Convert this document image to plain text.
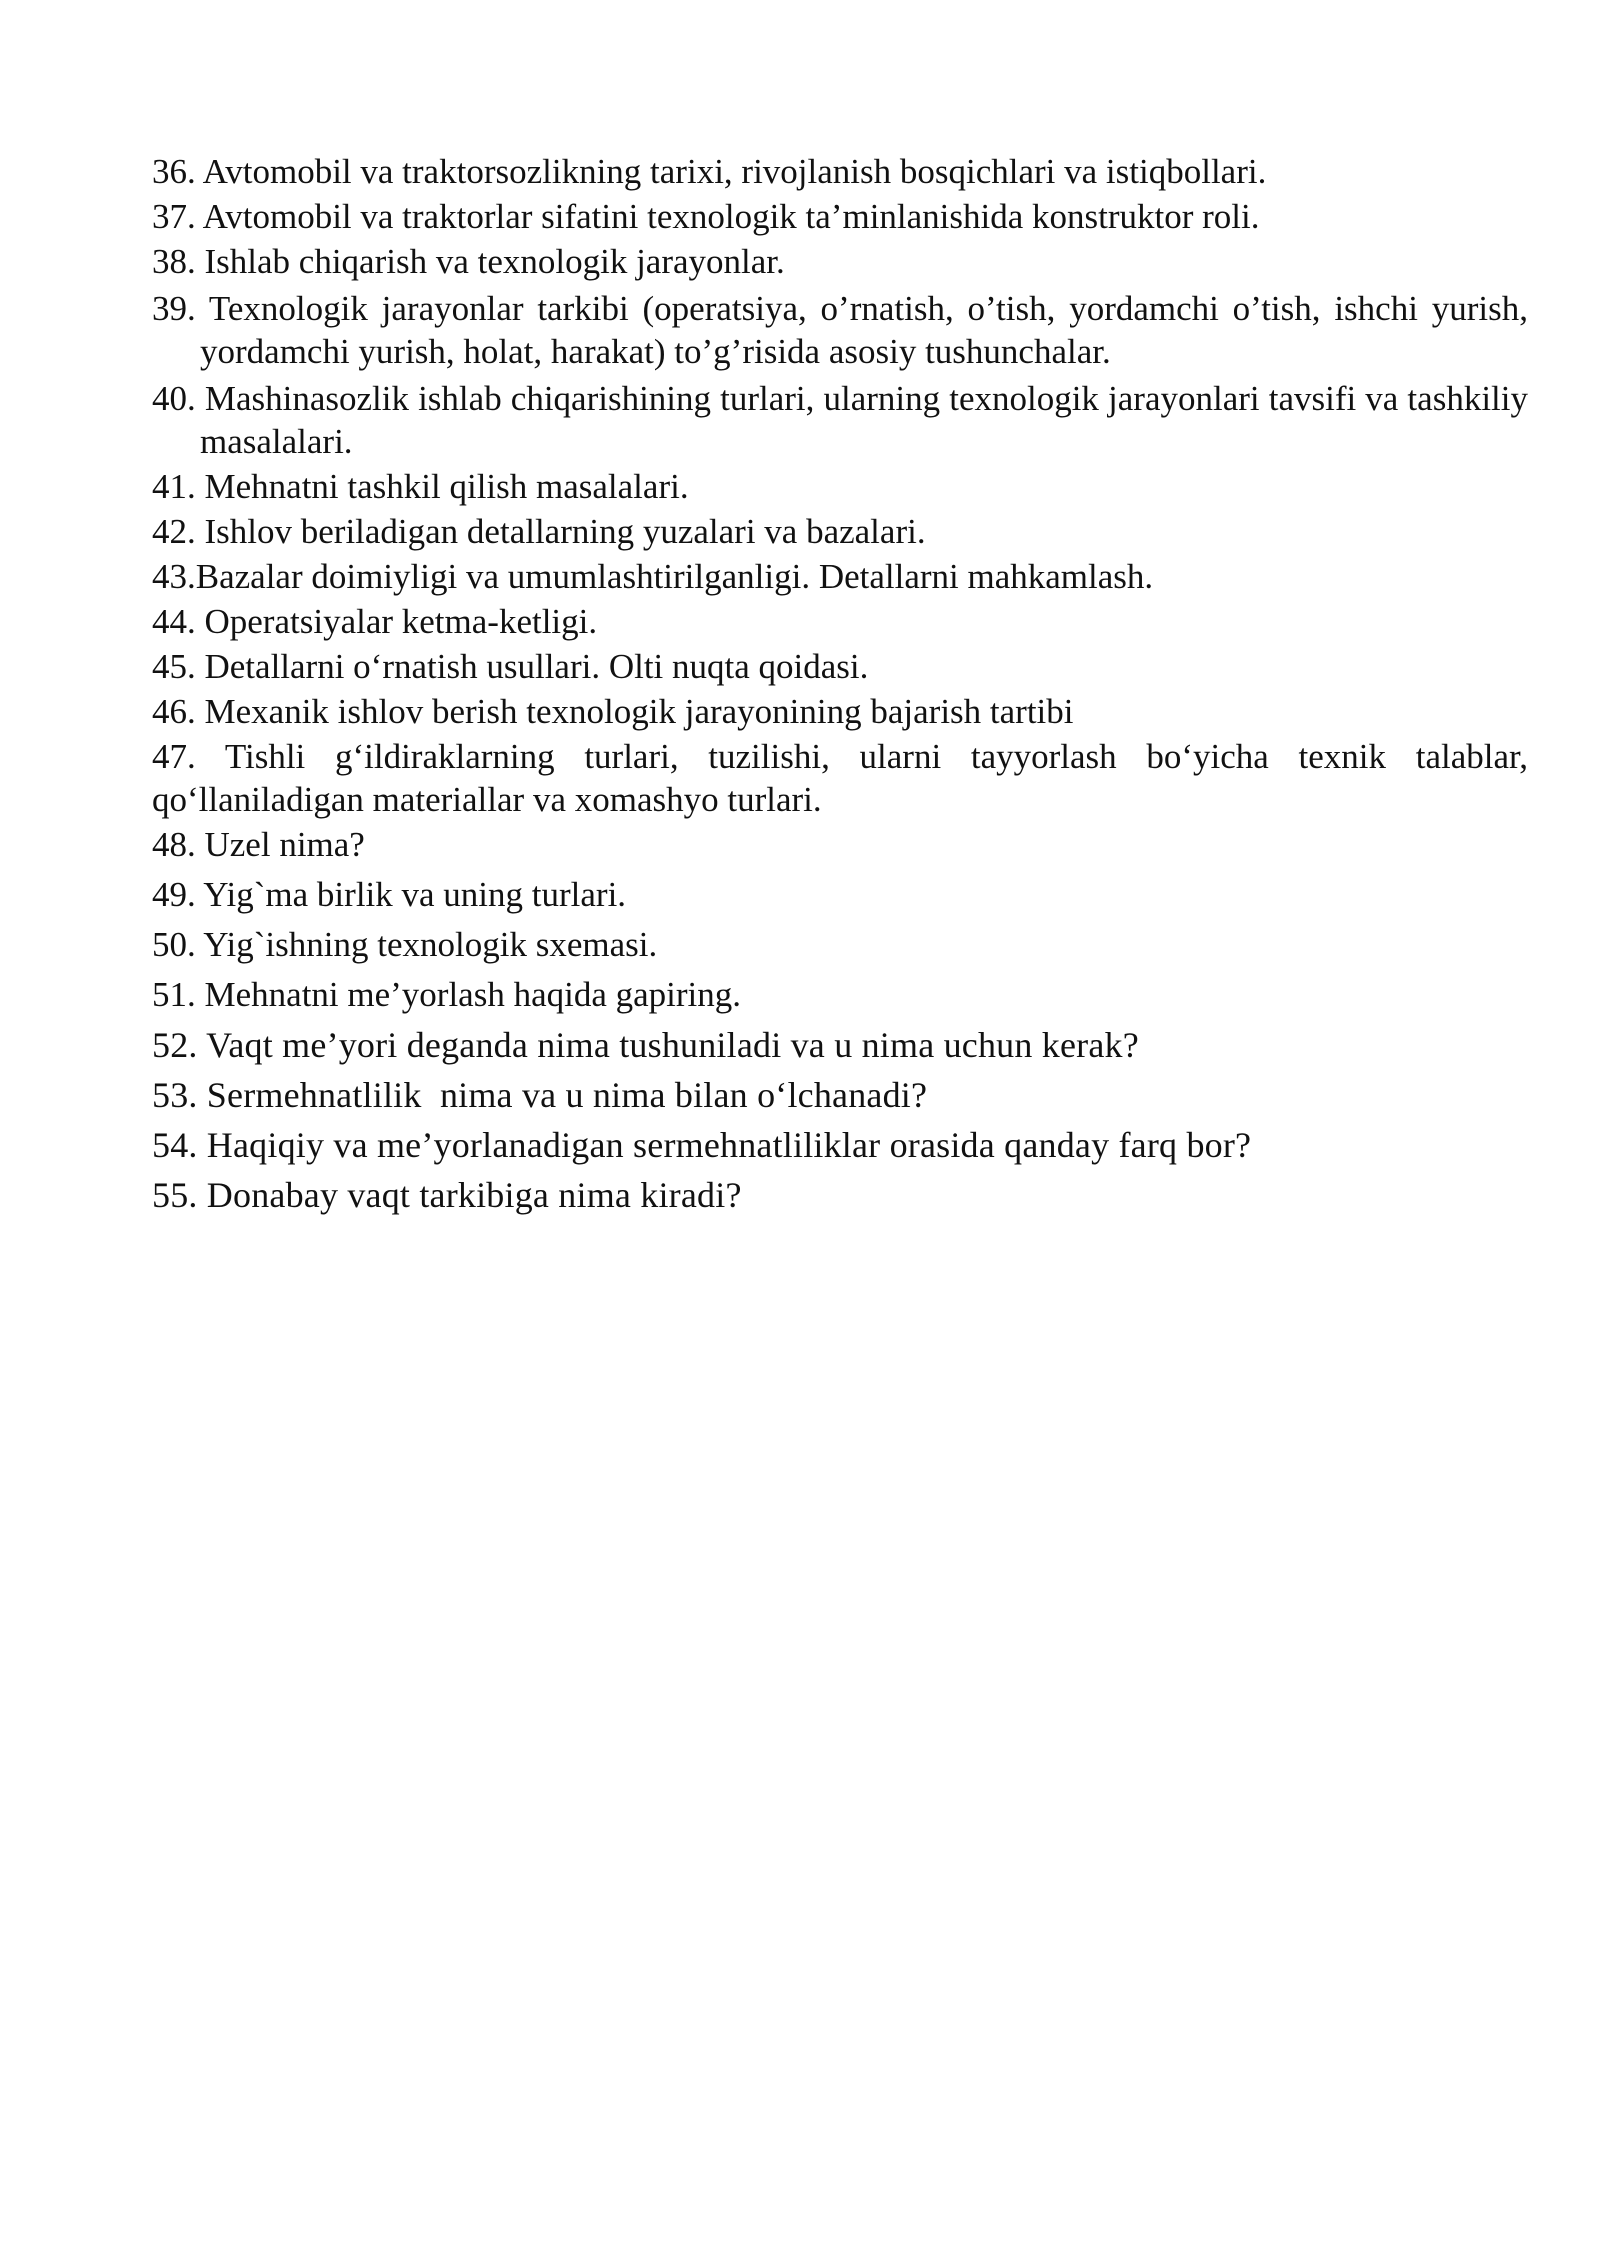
36. Avtomobil va traktorsozlikning tarixi, rivojlanish bosqichlari va istiqbollari.
37. Avtomobil va traktorlar sifatini texnologik ta’minlanishida konstruktor roli.
38. Ishlab chiqarish va texnologik jarayonlar.
39. Texnologik jarayonlar tarkibi (operatsiya, o’rnatish, o’tish, yordamchi o’tish, ishchi yurish, yordamchi yurish, holat, harakat) to’g’risida asosiy tushunchalar.
40. Mashinasozlik ishlab chiqarishining turlari, ularning texnologik jarayonlari tavsifi va tashkiliy masalalari.
41. Mehnatni tashkil qilish masalalari.
42. Ishlov beriladigan detallarning yuzalari va bazalari.
43.Bazalar doimiyligi va umumlashtirilganligi. Detallarni mahkamlash.
44. Operatsiyalar ketma-ketligi.
45. Detallarni o‘rnatish usullari. Olti nuqta qoidasi.
46. Mexanik ishlov berish texnologik jarayonining bajarish tartibi
47. Tishli g‘ildiraklarning turlari, tuzilishi, ularni tayyorlash bo‘yicha texnik talablar, qo‘llaniladigan materiallar va xomashyo turlari.
48. Uzel nima?
49. Yig`ma birlik va uning turlari.
50. Yig`ishning texnologik sxemasi.
51. Mehnatni me’yorlash haqida gapiring.
52. Vaqt me’yori deganda nima tushuniladi va u nima uchun kerak?
53. Sermehnatlilik  nima va u nima bilan o‘lchanadi?
54. Haqiqiy va me’yorlanadigan sermehnatliliklar orasida qanday farq bor?
55. Donabay vaqt tarkibiga nima kiradi?
